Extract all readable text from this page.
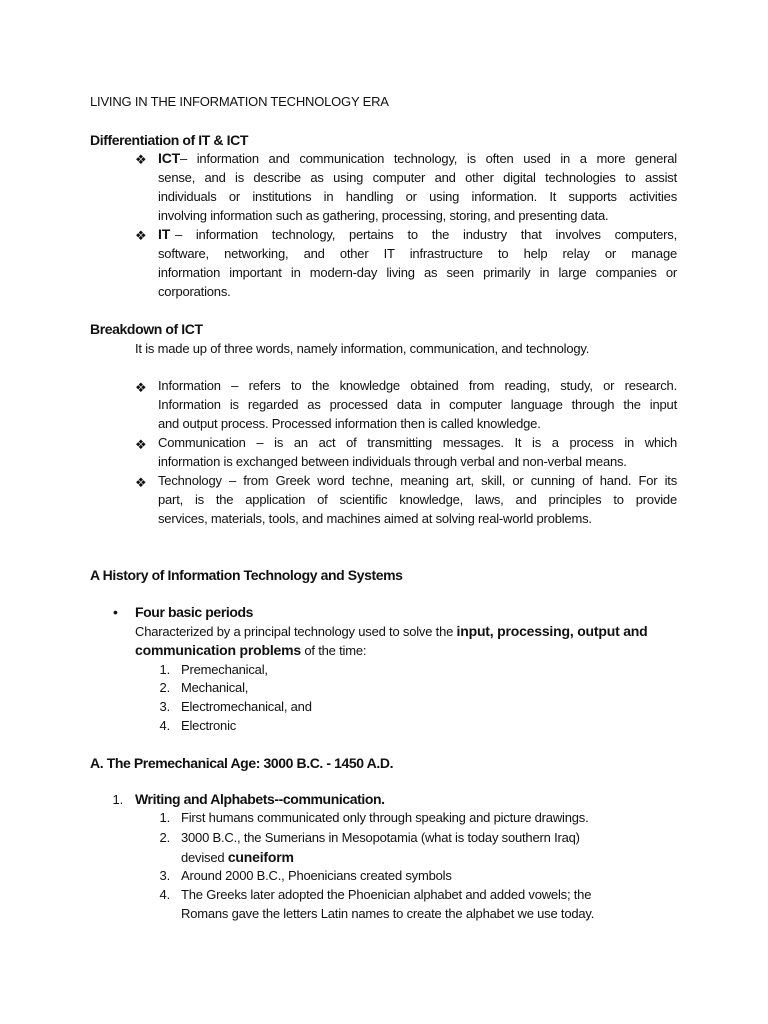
LIVING IN THE INFORMATION TECHNOLOGY ERA
Differentiation of IT & ICT
❖ ICT – information and communication technology, is often used in a more general
sense, and is describe as using computer and other digital technologies to assist
individuals or institutions in handling or using information. It supports activities
involving information such as gathering, processing, storing, and presenting data.
❖ IT – information technology, pertains to the industry that involves computers,
software, networking, and other IT infrastructure to help relay or manage
information important in modern-day living as seen primarily in large companies or
corporations.
Breakdown of ICT
It is made up of three words, namely information, communication, and technology.
❖ Information – refers to the knowledge obtained from reading, study, or research.
Information is regarded as processed data in computer language through the input
and output process. Processed information then is called knowledge.
❖ Communication – is an act of transmitting messages. It is a process in which
information is exchanged between individuals through verbal and non-verbal means.
❖ Technology – from Greek word techne, meaning art, skill, or cunning of hand. For its
part, is the application of scientific knowledge, laws, and principles to provide
services, materials, tools, and machines aimed at solving real-world problems.
A History of Information Technology and Systems
• Four basic periods
Characterized by a principal technology used to solve the input, processing, output and
communication problems of the time:
1. Premechanical,
2. Mechanical,
3. Electromechanical, and
4. Electronic
A. The Premechanical Age: 3000 B.C. - 1450 A.D.
1. Writing and Alphabets--communication.
1. First humans communicated only through speaking and picture drawings.
2. 3000 B.C., the Sumerians in Mesopotamia (what is today southern Iraq)
devised cuneiform
3. Around 2000 B.C., Phoenicians created symbols
4. The Greeks later adopted the Phoenician alphabet and added vowels; the
Romans gave the letters Latin names to create the alphabet we use today.
